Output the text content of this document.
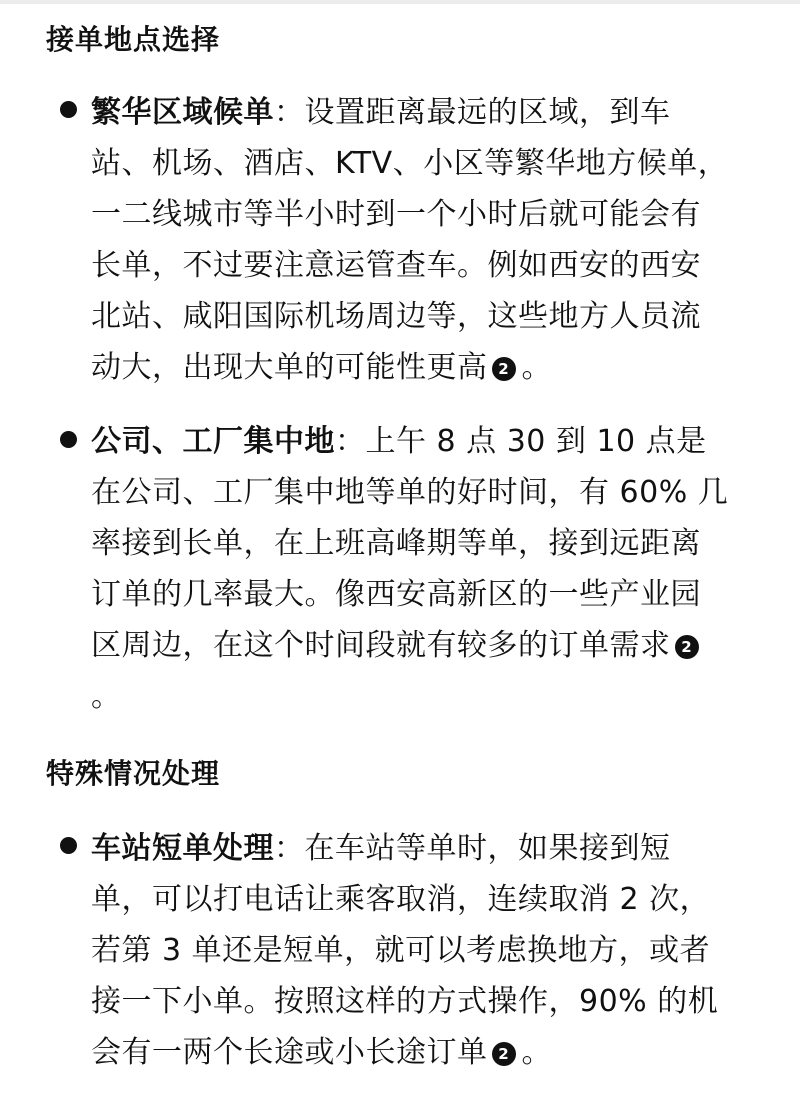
接单地点选择
繁华区域候单：设置距离最远的区域，到车站、机场、酒店、KTV、小区等繁华地方候单，一二线城市等半小时到一个小时后就可能会有长单，不过要注意运管查车。例如西安的西安北站、咸阳国际机场周边等，这些地方人员流动大，出现大单的可能性更高 2 。
公司、工厂集中地：上午 8 点 30 到 10 点是在公司、工厂集中地等单的好时间，有 60% 几率接到长单，在上班高峰期等单，接到远距离订单的几率最大。像西安高新区的一些产业园区周边，在这个时间段就有较多的订单需求 2。
特殊情况处理
车站短单处理：在车站等单时，如果接到短单，可以打电话让乘客取消，连续取消 2 次，若第 3 单还是短单，就可以考虑换地方，或者接一下小单。按照这样的方式操作，90% 的机会有一两个长途或小长途订单 2 。
